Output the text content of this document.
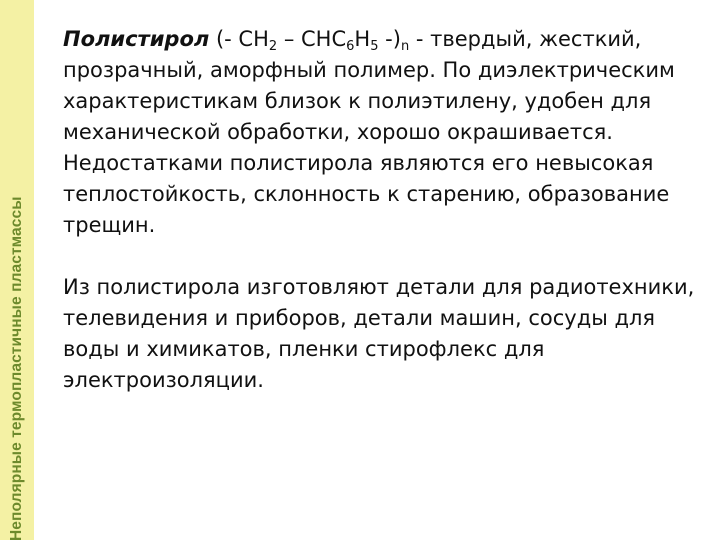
Неполярные термопластичные пластмассы

Полистирол (- $СН_2 - СНС_6Н_5$ $-)_n$ - твердый, жесткий, прозрачный, аморфный полимер. По диэлектрическим характеристикам близок к полиэтилену, удобен для механической обработки, хорошо окрашивается. Недостатками полистирола являются его невысокая теплостойкость, склонность к старению, образование трещин.

Из полистирола изготовляют детали для радиотехники, телевидения и приборов, детали машин, сосуды для воды и химикатов, пленки стирофлекс для электроизоляции.
